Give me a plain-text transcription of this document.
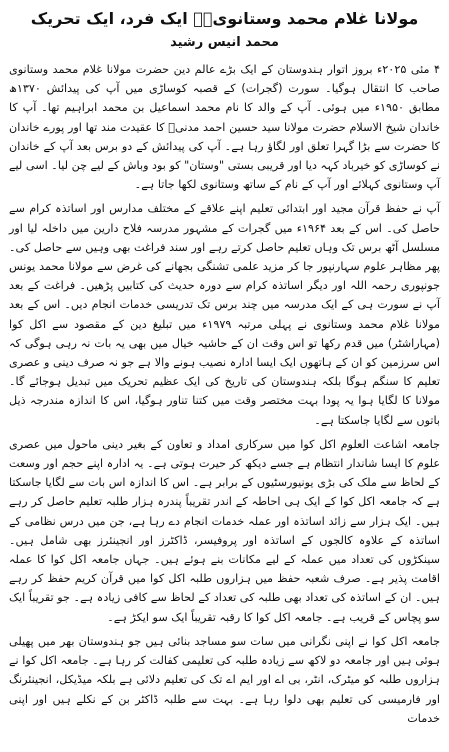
مولانا غلام محمد وستانویؒ۔ ایک فرد، ایک تحریک
محمد انیس رشید

۴ مئی ۲۰۲۵ء بروز اتوار ہندوستان کے ایک بڑے عالم دین حضرت مولانا غلام محمد وستانوی صاحب کا انتقال ہوگیا۔ سورت (گجرات) کے قصبہ کوساڑی میں آپ کی پیدائش ۱۳۷۰ھ مطابق ۱۹۵۰ء میں ہوئی۔ آپ کے والد کا نام محمد اسماعیل بن محمد ابراہیم تھا۔ آپ کا خاندان شیخ الاسلام حضرت مولانا سید حسین احمد مدنیؒ کا عقیدت مند تھا اور پورے خاندان کا حضرت سے بڑا گہرا تعلق اور لگاؤ رہا ہے۔ آپ کی پیدائش کے دو برس بعد آپ کے خاندان نے کوساڑی کو خیرباد کہہ دیا اور قریبی بستی "وستان" کو بود وباش کے لیے چن لیا۔ اسی لیے آپ وستانوی کہلائے اور آپ کے نام کے ساتھ وستانوی لکھا جاتا ہے۔

آپ نے حفظ قرآن مجید اور ابتدائی تعلیم اپنے علاقے کے مختلف مدارس اور اساتذہ کرام سے حاصل کی۔ اس کے بعد ۱۹۶۴ء میں گجرات کے مشہور مدرسہ فلاح دارین میں داخلہ لیا اور مسلسل آٹھ برس تک وہاں تعلیم حاصل کرتے رہے اور سند فراغت بھی وہیں سے حاصل کی۔ پھر مظاہر علوم سہارنپور جا کر مزید علمی تشنگی بجھانے کی غرض سے مولانا محمد یونس جونپوری رحمہ اللہ اور دیگر اساتذہ کرام سے دورہ حدیث کی کتابیں پڑھیں۔ فراغت کے بعد آپ نے سورت ہی کے ایک مدرسہ میں چند برس تک تدریسی خدمات انجام دیں۔ اس کے بعد مولانا غلام محمد وستانوی نے پہلی مرتبہ ۱۹۷۹ء میں تبلیغ دین کے مقصود سے اکل کوا (مہاراشٹر) میں قدم رکھا تو اس وقت ان کے حاشیہ خیال میں بھی یہ بات نہ رہی ہوگی کہ اس سرزمین کو ان کے ہاتھوں ایک ایسا ادارہ نصیب ہونے والا ہے جو نہ صرف دینی و عصری تعلیم کا سنگم ہوگا بلکہ ہندوستان کی تاریخ کی ایک عظیم تحریک میں تبدیل ہوجائے گا۔ مولانا کا لگایا ہوا یہ پودا بہت مختصر وقت میں کتنا تناور ہوگیا، اس کا اندازہ مندرجہ ذیل باتوں سے لگایا جاسکتا ہے۔

جامعہ اشاعت العلوم اکل کوا میں سرکاری امداد و تعاون کے بغیر دینی ماحول میں عصری علوم کا ایسا شاندار انتظام ہے جسے دیکھ کر حیرت ہوتی ہے۔ یہ ادارہ اپنے حجم اور وسعت کے لحاظ سے ملک کی بڑی یونیورسٹیوں کے برابر ہے۔ اس کا اندازہ اس بات سے لگایا جاسکتا ہے کہ جامعہ اکل کوا کے ایک ہی احاطہ کے اندر تقریباً پندرہ ہزار طلبہ تعلیم حاصل کر رہے ہیں۔ ایک ہزار سے زائد اساتذہ اور عملہ خدمات انجام دے رہا ہے، جن میں درس نظامی کے اساتذہ کے علاوہ کالجوں کے اساتذہ اور پروفیسر، ڈاکٹرز اور انجینئرز بھی شامل ہیں۔ سینکڑوں کی تعداد میں عملہ کے لیے مکانات بنے ہوئے ہیں۔ جہاں جامعہ اکل کوا کا عملہ اقامت پذیر ہے۔ صرف شعبہ حفظ میں ہزاروں طلبہ اکل کوا میں قرآن کریم حفظ کر رہے ہیں۔ ان کے اساتذہ کی تعداد بھی طلبہ کی تعداد کے لحاظ سے کافی زیادہ ہے۔ جو تقریباً ایک سو پچاس کے قریب ہے۔ جامعہ اکل کوا کا رقبہ تقریباً ایک سو ایکڑ ہے۔

جامعہ اکل کوا نے اپنی نگرانی میں سات سو مساجد بنائی ہیں جو ہندوستان بھر میں پھیلی ہوئی ہیں اور جامعہ دو لاکھ سے زیادہ طلبہ کی تعلیمی کفالت کر رہا ہے۔ جامعہ اکل کوا نے ہزاروں طلبہ کو میٹرک، انٹر، بی اے اور ایم اے تک کی تعلیم دلائی ہے بلکہ میڈیکل، انجینئرنگ اور فارمیسی کی تعلیم بھی دلوا رہا ہے۔ بہت سے طلبہ ڈاکٹر بن کے نکلے ہیں اور اپنی خدمات
